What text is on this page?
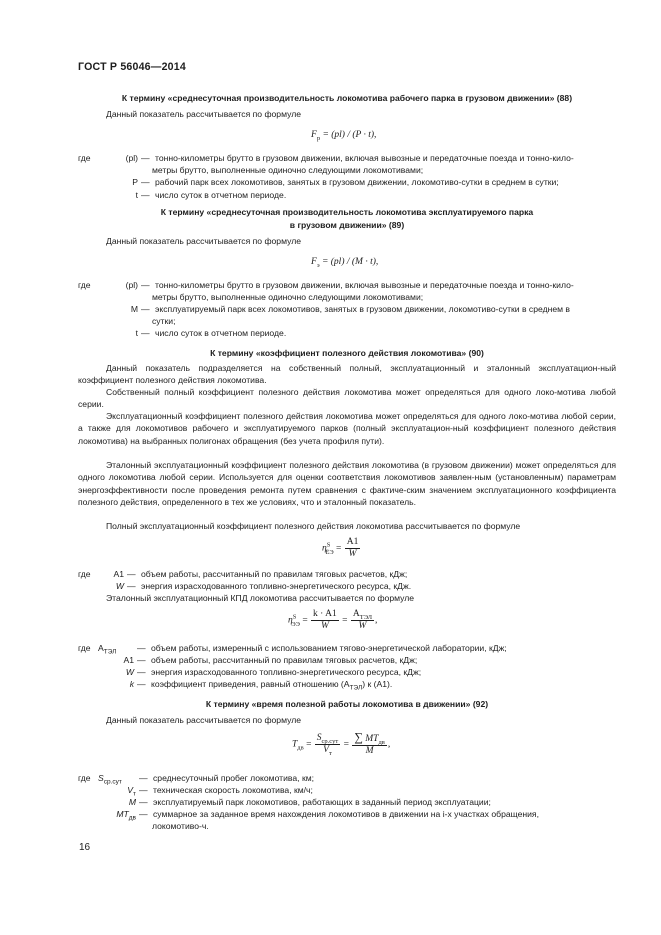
ГОСТ Р 56046—2014
К термину «среднесуточная производительность локомотива рабочего парка в грузовом движении» (88)
Данный показатель рассчитывается по формуле
$F_р = (pl) / (P \cdot t)$,
где	(pl) — тонно-километры брутто в грузовом движении, включая вывозные и передаточные поезда и тонно-кило-
метры брутто, выполненные одиночно следующими локомотивами;
P — рабочий парк всех локомотивов, занятых в грузовом движении, локомотиво-сутки в среднем в сутки;
t — число суток в отчетном периоде.
К термину «среднесуточная производительность локомотива эксплуатируемого парка
в грузовом движении» (89)
Данный показатель рассчитывается по формуле
$F_э = (pl) / (M \cdot t)$,
где	(pl) — тонно-километры брутто в грузовом движении, включая вывозные и передаточные поезда и тонно-кило-
метры брутто, выполненные одиночно следующими локомотивами;
M — эксплуатируемый парк всех локомотивов, занятых в грузовом движении, локомотиво-сутки в среднем в
сутки;
t — число суток в отчетном периоде.
К термину «коэффициент полезного действия локомотива» (90)
Данный показатель подразделяется на собственный полный, эксплуатационный и эталонный эксплуатацион-ный коэффициент полезного действия локомотива.
Собственный полный коэффициент полезного действия локомотива может определяться для одного локо-мотива любой серии.
Эксплуатационный коэффициент полезного действия локомотива может определяться для одного локо-мотива любой серии, а также для локомотивов рабочего и эксплуатируемого парков (полный эксплуатацион-ный коэффициент полезного действия локомотива) на выбранных полигонах обращения (без учета профиля пути).
Эталонный эксплуатационный коэффициент полезного действия локомотива (в грузовом движении) может определяться для одного локомотива любой серии. Используется для оценки соответствия локомотивов заявлен-ным (установленным) параметрам энергоэффективности после проведения ремонта путем сравнения с фактиче-ским значением эксплуатационного коэффициента полезного действия, определенного в тех же условиях, что и эталонный показатель.
Полный эксплуатационный коэффициент полезного действия локомотива рассчитывается по формуле
$\eta^S_{ЁЭ} = \frac{A1}{W}$
где	A1 — объем работы, рассчитанный по правилам тяговых расчетов, кДж;
W — энергия израсходованного топливно-энергетического ресурса, кДж.
Эталонный эксплуатационный КПД локомотива рассчитывается по формуле
$\eta^S_{ЭЭ} = \frac{k \cdot A1}{W} = \frac{A_{ТЭЛ}}{W}$ ,
где $A_{ТЭЛ}$	— объем работы, измеренный с использованием тягово-энергетической лаборатории, кДж;
A1 — объем работы, рассчитанный по правилам тяговых расчетов, кДж;
W — энергия израсходованного топливно-энергетического ресурса, кДж;
k — коэффициент приведения, равный отношению $(A_{ТЭЛ})$ к (A1).
К термину «время полезной работы локомотива в движении» (92)
Данный показатель рассчитывается по формуле
$T_{дв} = \frac{S_{ср.сут}}{V_т} = \frac{\sum MT_{дв}}{M}$ ,
где $S_{ср.сут}$	— среднесуточный пробег локомотива, км;
$V_т$ — техническая скорость локомотива, км/ч;
M — эксплуатируемый парк локомотивов, работающих в заданный период эксплуатации;
$MT_{дв}$ — суммарное за заданное время нахождения локомотивов в движении на i-х участках обращения,
локомотиво-ч.
16
